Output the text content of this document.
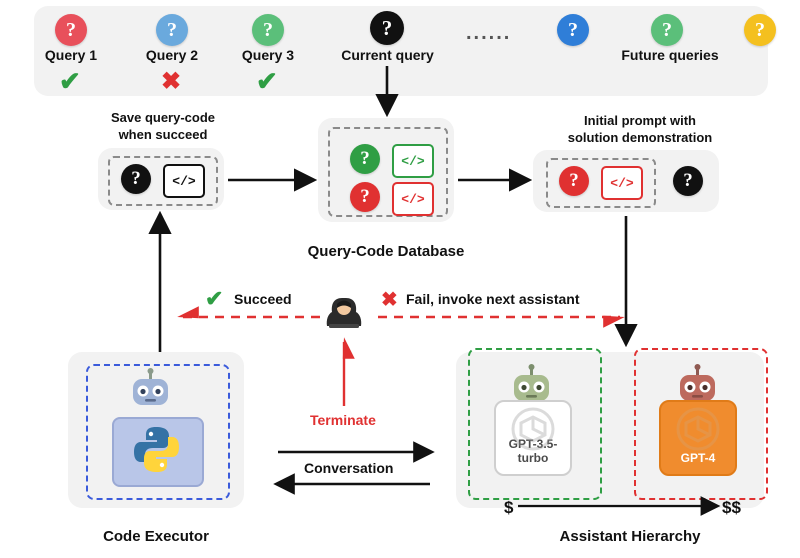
?
Query 1
✔
?
Query 2
✖
?
Query 3
✔
?
Current query
......	?	?	?
Future queries
Save query-code
when succeed
?	</>
?	</>
?	</>
Query-Code Database
Initial prompt with
solution demonstration
?	</>	?
✔ Succeed	✖ Fail, invoke next assistant
Terminate
Code Executor
GPT-3.5-
turbo	GPT-4
$	$$
Assistant Hierarchy
Conversation
